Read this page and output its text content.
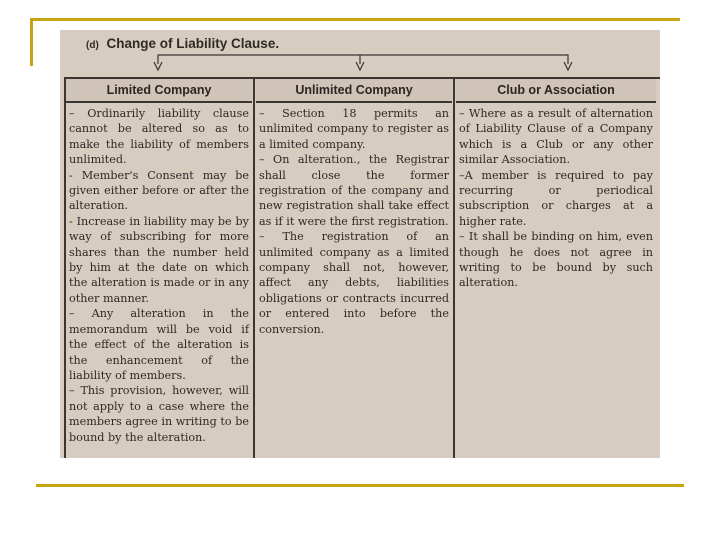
(d) Change of Liability Clause.
Limited Company	Unlimited Company	Club or Association

– Ordinarily liability clause cannot be altered so as to make the liability of members unlimited.

- Member's Consent may be given either before or after the alteration.

- Increase in liability may be by way of subscribing for more shares than the number held by him at the date on which the alteration is made or in any other manner.

– Any alteration in the memorandum will be void if the effect of the alteration is the enhancement of the liability of members.

– This provision, however, will not apply to a case where the members agree in writing to be bound by the alteration.

– Section 18 permits an unlimited company to register as a limited company.

– On alteration., the Registrar shall close the former registration of the company and new registration shall take effect as if it were the first registration.

– The registration of an unlimited company as a limited company shall not, however, affect any debts, liabilities obligations or contracts incurred or entered into before the conversion.

– Where as a result of alternation of Liability Clause of a Company which is a Club or any other similar Association.

–A member is required to pay recurring or periodical subscription or charges at a higher rate.

– It shall be binding on him, even though he does not agree in writing to be bound by such alteration.
